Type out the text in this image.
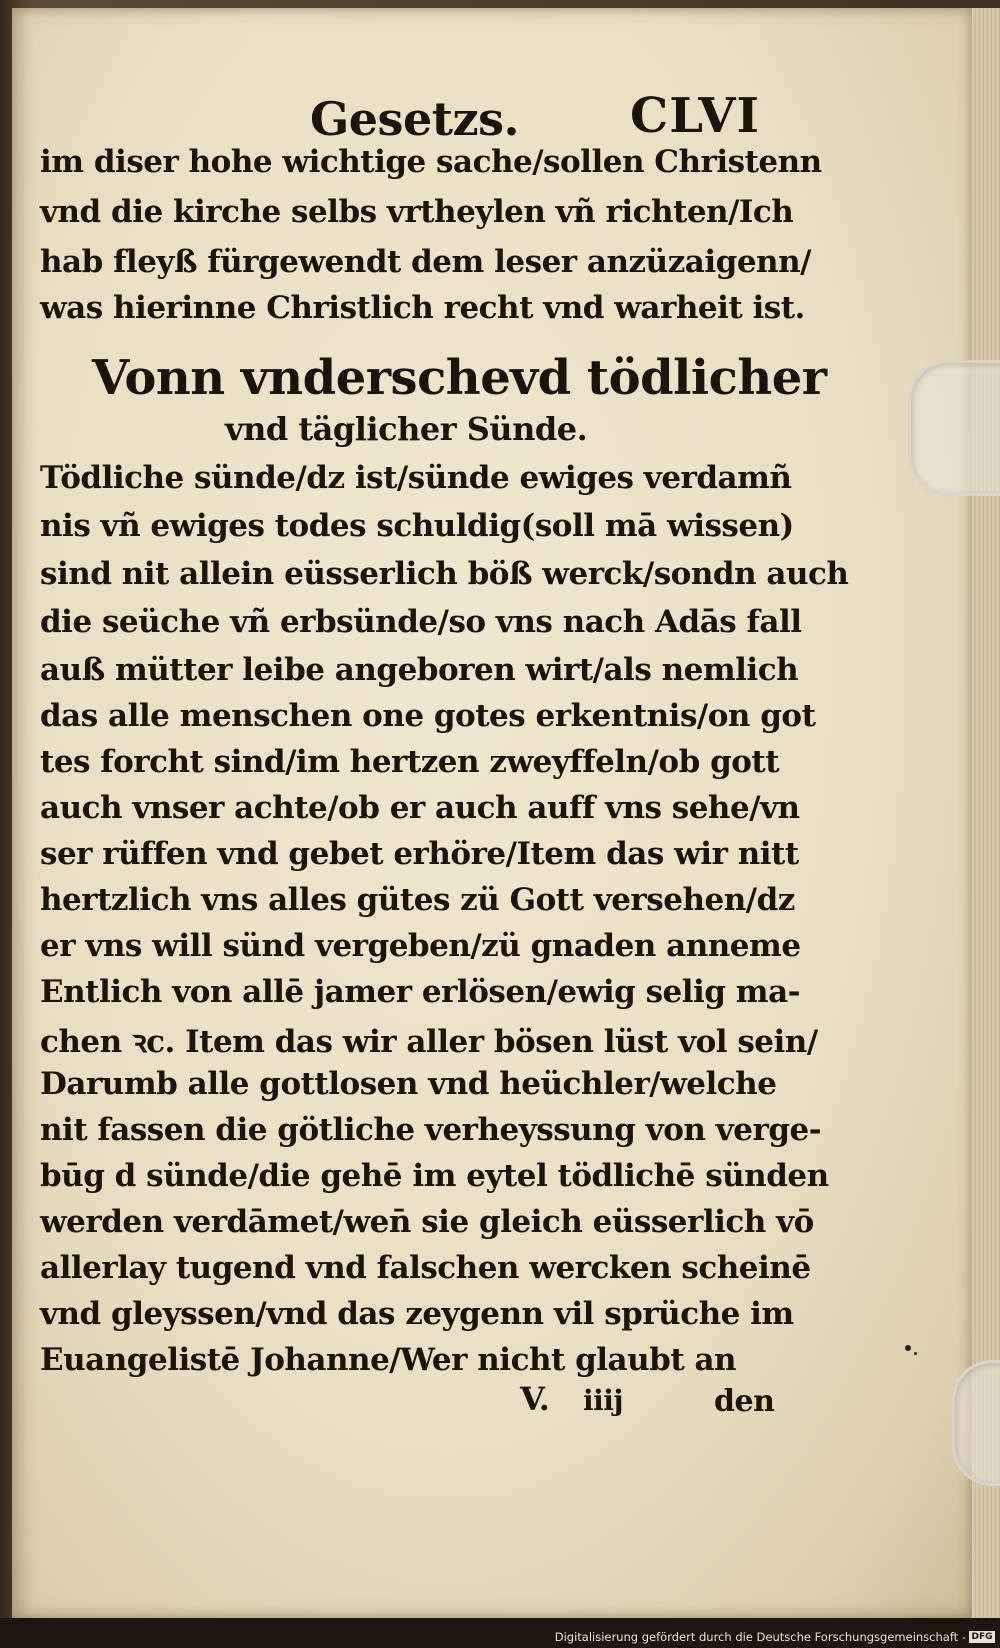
Gesetzs. CLVI
im diser hohe wichtige sache/sollen Christenn
vnd die kirche selbs vrtheylen vñ richten/Ich
hab fleyß fürgewendt dem leser anzüzaigenn/
was hierinne Christlich recht vnd warheit ist.
Vonn vnderschevd tödlicher
vnd täglicher Sünde.
Tödliche sünde/dz ist/sünde ewiges verdamñ
nis vñ ewiges todes schuldig(soll mā wissen)
sind nit allein eüsserlich böß werck/sondn auch
die seüche vñ erbsünde/so vns nach Adās fall
auß mütter leibe angeboren wirt/als nemlich
das alle menschen one gotes erkentnis/on got
tes forcht sind/im hertzen zweyffeln/ob gott
auch vnser achte/ob er auch auff vns sehe/vn
ser rüffen vnd gebet erhöre/Item das wir nitt
hertzlich vns alles gütes zü Gott versehen/dz
er vns will sünd vergeben/zü gnaden anneme
Entlich von allē jamer erlösen/ewig selig ma-
chen ꝛc. Item das wir aller bösen lüst vol sein/
Darumb alle gottlosen vnd heüchler/welche
nit fassen die götliche verheyssung von verge-
būg d sünde/die gehē im eytel tödlichē sünden
werden verdāmet/wen̄ sie gleich eüsserlich vō
allerlay tugend vnd falschen wercken scheinē
vnd gleyssen/vnd das zeygenn vil sprüche im
Euangelistē Johanne/Wer nicht glaubt an
V. iiij	den
Digitalisierung gefördert durch die Deutsche Forschungsgemeinschaft - DFG
